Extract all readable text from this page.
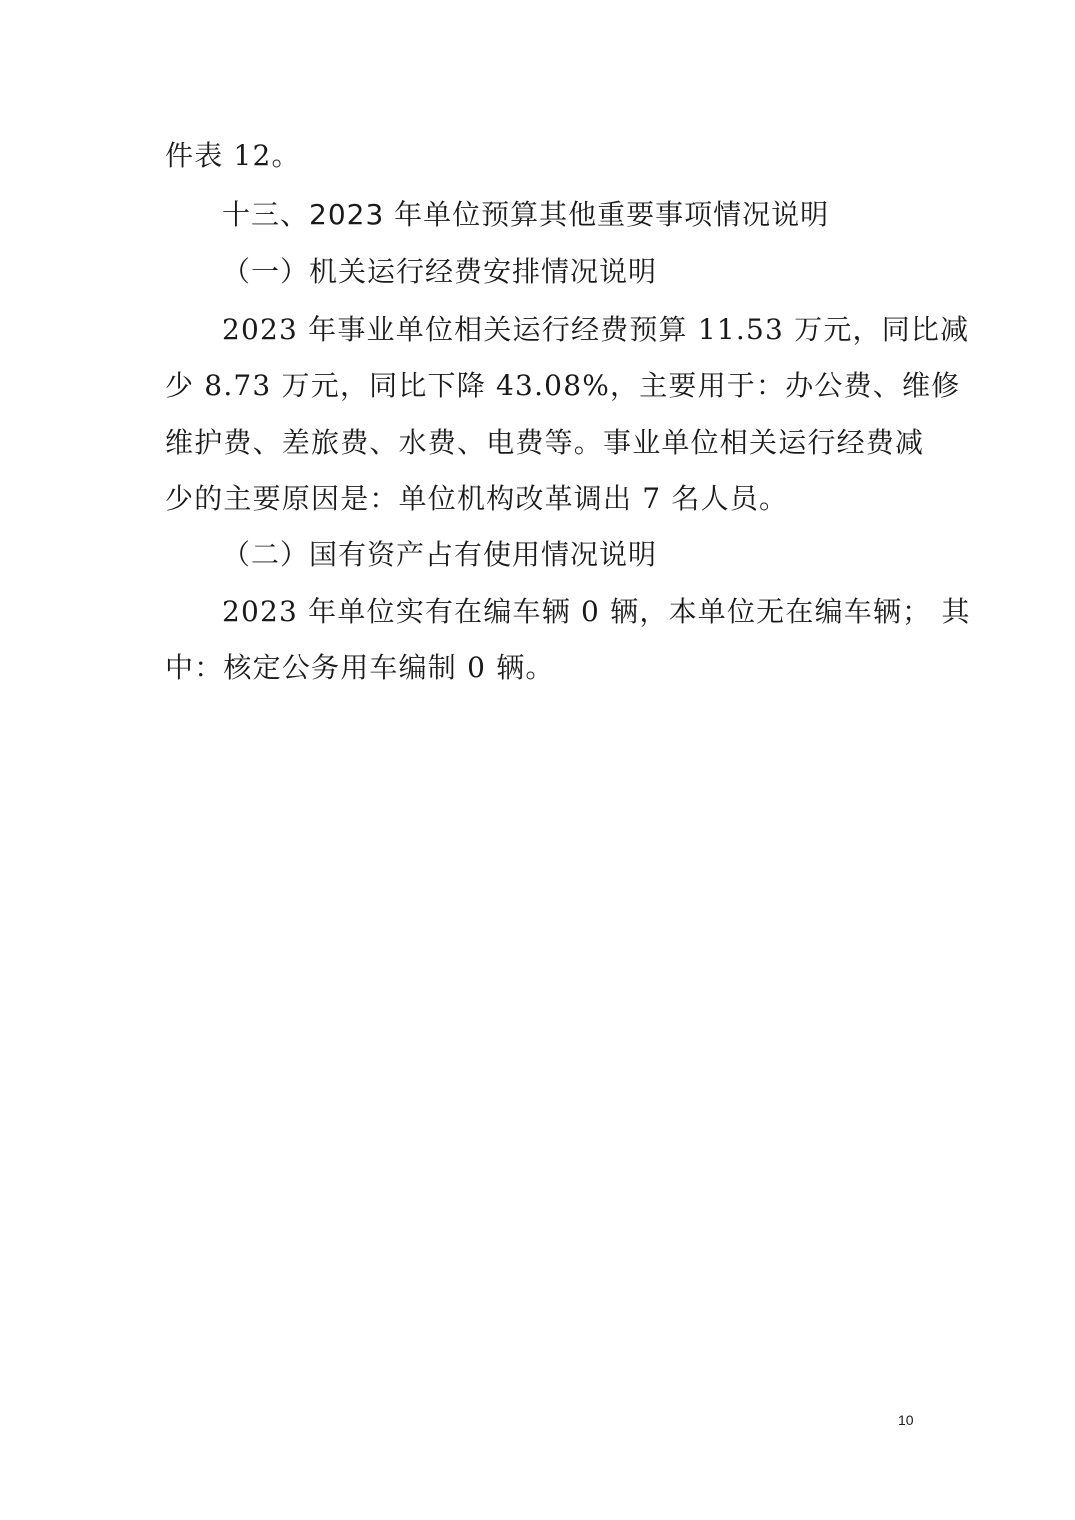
件表 12。
十三、2023 年单位预算其他重要事项情况说明
（一）机关运行经费安排情况说明
2023 年事业单位相关运行经费预算 11.53 万元，同比减
少 8.73 万元，同比下降 43.08%，主要用于：办公费、维修
维护费、差旅费、水费、电费等。事业单位相关运行经费减
少的主要原因是：单位机构改革调出 7 名人员。
（二）国有资产占有使用情况说明
2023 年单位实有在编车辆 0 辆，本单位无在编车辆； 其
中：核定公务用车编制 0 辆。
10
